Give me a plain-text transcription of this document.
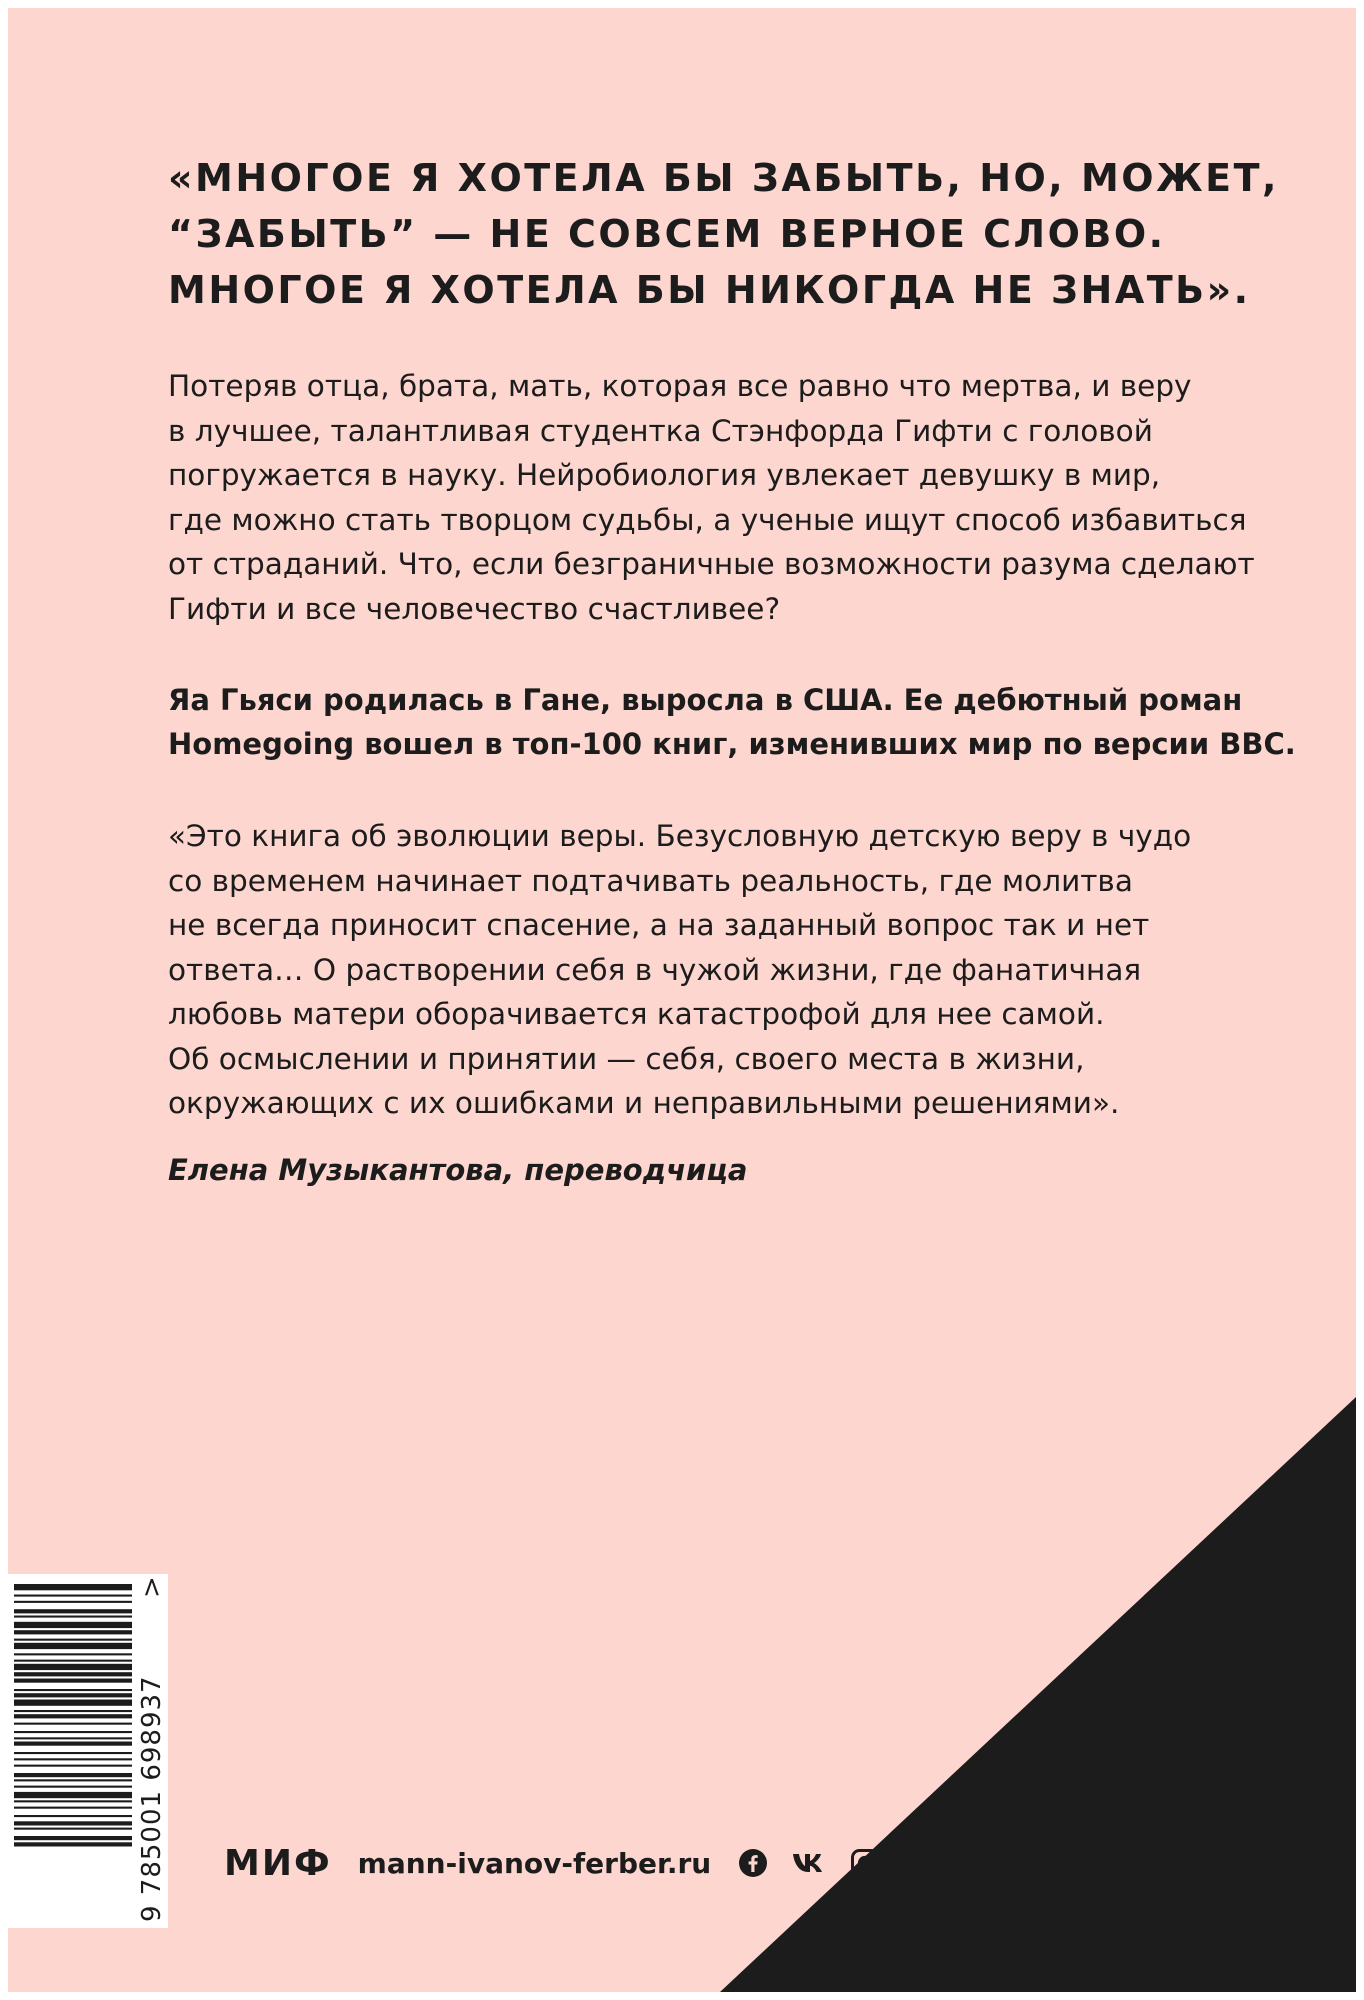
«МНОГОЕ Я ХОТЕЛА БЫ ЗАБЫТЬ, НО, МОЖЕТ,
“ЗАБЫТЬ” — НЕ СОВСЕМ ВЕРНОЕ СЛОВО.
МНОГОЕ Я ХОТЕЛА БЫ НИКОГДА НЕ ЗНАТЬ».
Потеряв отца, брата, мать, которая все равно что мертва, и веру
в лучшее, талантливая студентка Стэнфорда Гифти с головой
погружается в науку. Нейробиология увлекает девушку в мир,
где можно стать творцом судьбы, а ученые ищут способ избавиться
от страданий. Что, если безграничные возможности разума сделают
Гифти и все человечество счастливее?
Яа Гьяси родилась в Гане, выросла в США. Ее дебютный роман
Homegoing вошел в топ-100 книг, изменивших мир по версии BBC.
«Это книга об эволюции веры. Безусловную детскую веру в чудо
со временем начинает подтачивать реальность, где молитва
не всегда приносит спасение, а на заданный вопрос так и нет
ответа… О растворении себя в чужой жизни, где фанатичная
любовь матери оборачивается катастрофой для нее самой.
Об осмыслении и принятии — себя, своего места в жизни,
окружающих с их ошибками и неправильными решениями».
Елена Музыкантова, переводчица
9 785001 698937
>
МИФ mann-ivanov-ferber.ru	@mifbooks
